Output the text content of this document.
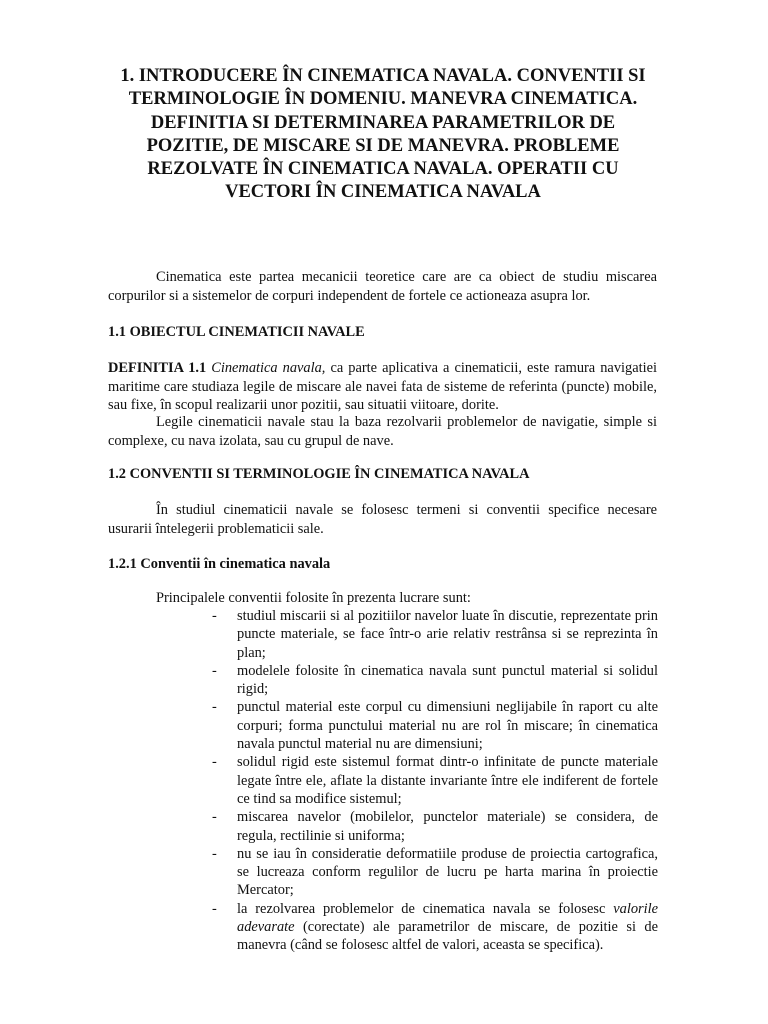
1. INTRODUCERE ÎN CINEMATICA NAVALA. CONVENTII SI TERMINOLOGIE ÎN DOMENIU. MANEVRA CINEMATICA. DEFINITIA SI DETERMINAREA PARAMETRILOR DE POZITIE, DE MISCARE SI DE MANEVRA. PROBLEME REZOLVATE ÎN CINEMATICA NAVALA. OPERATII CU VECTORI ÎN CINEMATICA NAVALA

Cinematica este partea mecanicii teoretice care are ca obiect de studiu miscarea corpurilor si a sistemelor de corpuri independent de fortele ce actioneaza asupra lor.

1.1 OBIECTUL CINEMATICII NAVALE

DEFINITIA 1.1 Cinematica navala, ca parte aplicativa a cinematicii, este ramura navigatiei maritime care studiaza legile de miscare ale navei fata de sisteme de referinta (puncte) mobile, sau fixe, în scopul realizarii unor pozitii, sau situatii viitoare, dorite.

Legile cinematicii navale stau la baza rezolvarii problemelor de navigatie, simple si complexe, cu nava izolata, sau cu grupul de nave.

1.2 CONVENTII SI TERMINOLOGIE ÎN CINEMATICA NAVALA

În studiul cinematicii navale se folosesc termeni si conventii specifice necesare usurarii întelegerii problematicii sale.

1.2.1 Conventii în cinematica navala

Principalele conventii folosite în prezenta lucrare sunt:

- studiul miscarii si al pozitiilor navelor luate în discutie, reprezentate prin puncte materiale, se face într-o arie relativ restrânsa si se reprezinta în plan;
- modelele folosite în cinematica navala sunt punctul material si solidul rigid;
- punctul material este corpul cu dimensiuni neglijabile în raport cu alte corpuri; forma punctului material nu are rol în miscare; în cinematica navala punctul material nu are dimensiuni;
- solidul rigid este sistemul format dintr-o infinitate de puncte materiale legate între ele, aflate la distante invariante între ele indiferent de fortele ce tind sa modifice sistemul;
- miscarea navelor (mobilelor, punctelor materiale) se considera, de regula, rectilinie si uniforma;
- nu se iau în consideratie deformatiile produse de proiectia cartografica, se lucreaza conform regulilor de lucru pe harta marina în proiectie Mercator;
- la rezolvarea problemelor de cinematica navala se folosesc valorile adevarate (corectate) ale parametrilor de miscare, de pozitie si de manevra (când se folosesc altfel de valori, aceasta se specifica).
